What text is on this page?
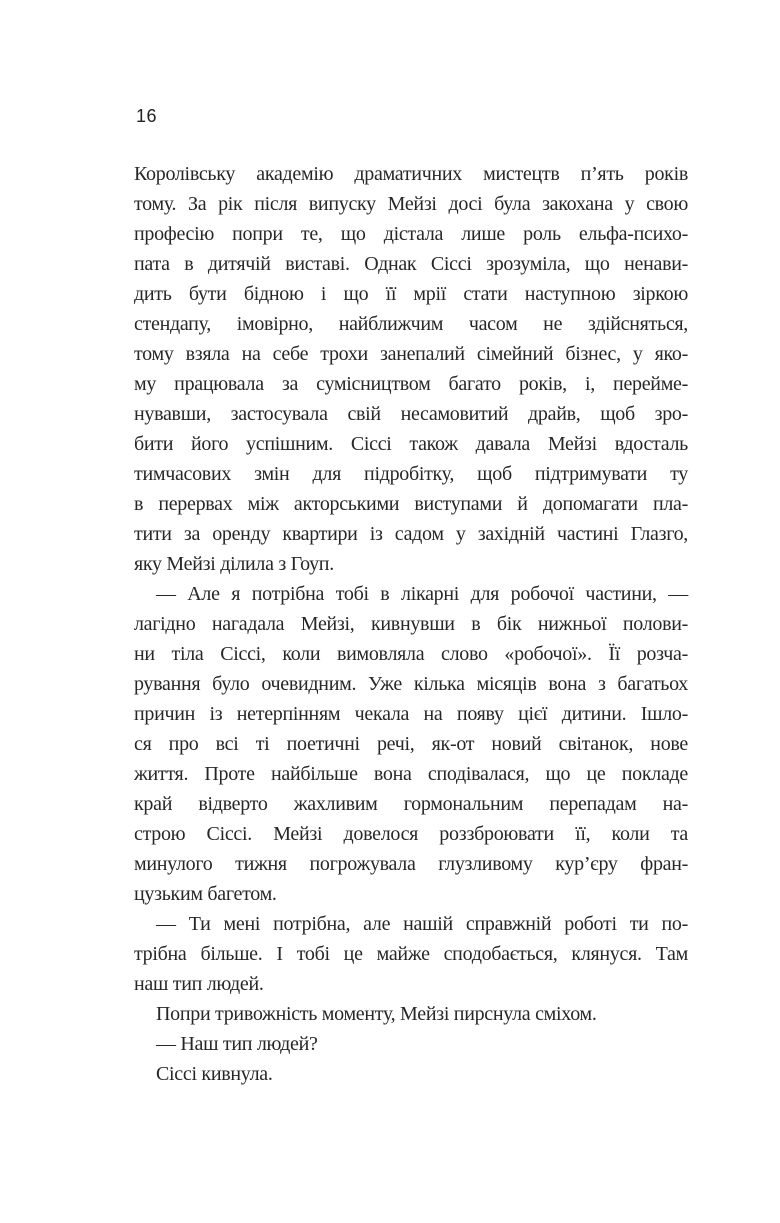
16
Королівську академію драматичних мистецтв п’ять років
тому. За рік після випуску Мейзі досі була закохана у свою
професію попри те, що дістала лише роль ельфа-психо-
пата в дитячій виставі. Однак Сіссі зрозуміла, що ненави-
дить бути бідною і що її мрії стати наступною зіркою
стендапу, імовірно, найближчим часом не здійсняться,
тому взяла на себе трохи занепалий сімейний бізнес, у яко-
му працювала за сумісництвом багато років, і, перейме-
нувавши, застосувала свій несамовитий драйв, щоб зро-
бити його успішним. Сіссі також давала Мейзі вдосталь
тимчасових змін для підробітку, щоб підтримувати ту
в перервах між акторськими виступами й допомагати пла-
тити за оренду квартири із садом у західній частині Глазго,
яку Мейзі ділила з Гоуп.
— Але я потрібна тобі в лікарні для робочої частини, —
лагідно нагадала Мейзі, кивнувши в бік нижньої полови-
ни тіла Сіссі, коли вимовляла слово «робочої». Її розча-
рування було очевидним. Уже кілька місяців вона з багатьох
причин із нетерпінням чекала на появу цієї дитини. Ішло-
ся про всі ті поетичні речі, як-от новий світанок, нове
життя. Проте найбільше вона сподівалася, що це покладе
край відверто жахливим гормональним перепадам на-
строю Сіссі. Мейзі довелося роззброювати її, коли та
минулого тижня погрожувала глузливому кур’єру фран-
цузьким багетом.
— Ти мені потрібна, але нашій справжній роботі ти по-
трібна більше. І тобі це майже сподобається, клянуся. Там
наш тип людей.
Попри тривожність моменту, Мейзі пирснула сміхом.
— Наш тип людей?
Сіссі кивнула.
